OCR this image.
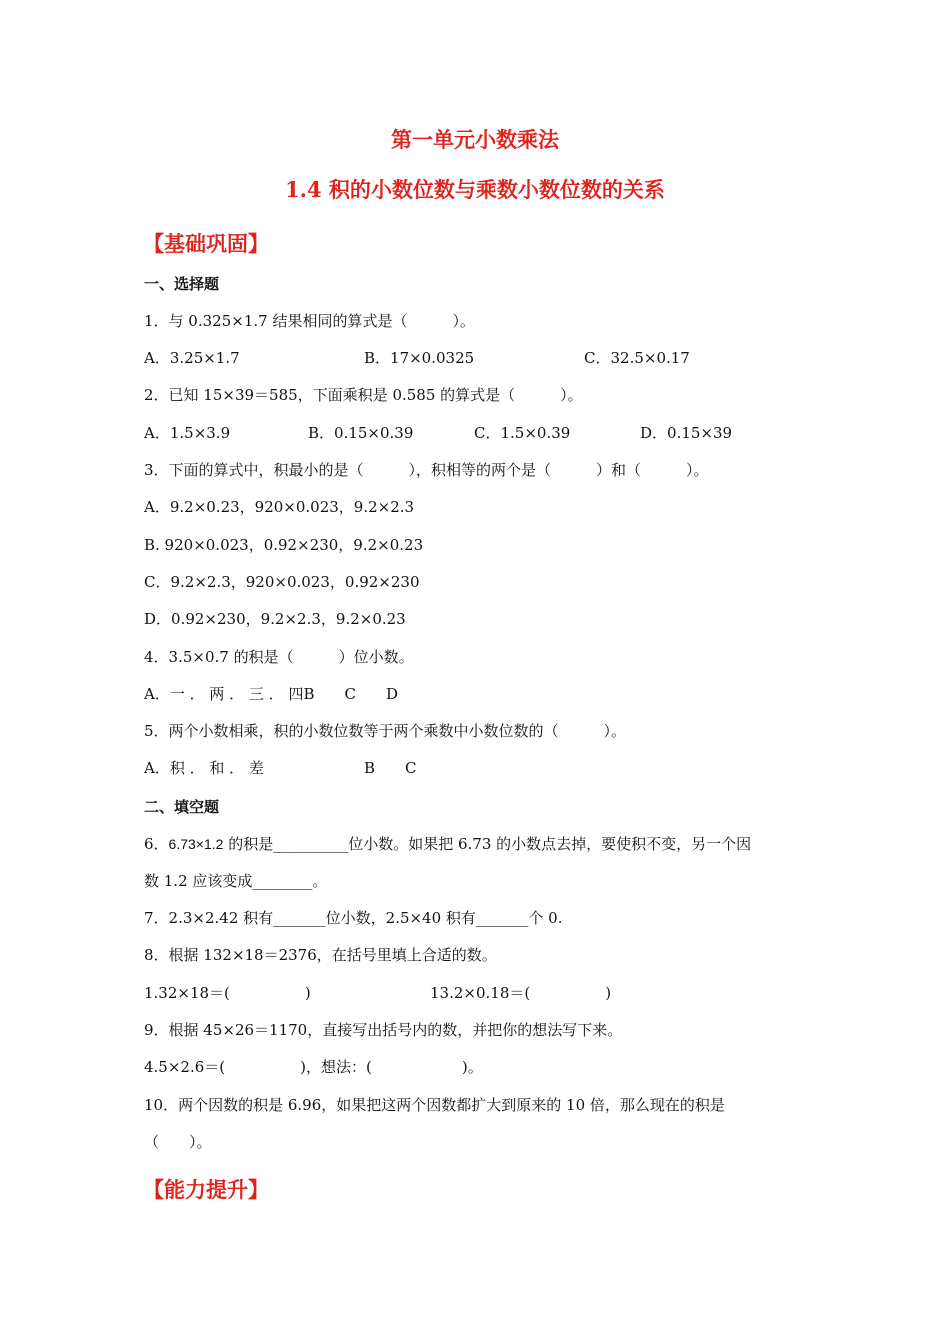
第一单元小数乘法
1.4 积的小数位数与乘数小数位数的关系
【基础巩固】
一、选择题
1．与 0.325×1.7 结果相同的算式是（　　　）。
A．3.25×1.7	B．17×0.0325	C．32.5×0.17
2．已知 15×39＝585，下面乘积是 0.585 的算式是（　　　）。
A．1.5×3.9	B．0.15×0.39	C．1.5×0.39	D．0.15×39
3．下面的算式中，积最小的是（　　　），积相等的两个是（　　　）和（　　　）。
A．9.2×0.23，920×0.023，9.2×2.3
B. 920×0.023，0.92×230，9.2×0.23
C．9.2×2.3，920×0.023，0.92×230
D．0.92×230，9.2×2.3，9.2×0.23
4．3.5×0.7 的积是（　　　）位小数。
A．一 ． 两 ． 三 ． 四B　　C　　D
5．两个小数相乘，积的小数位数等于两个乘数中小数位数的（　　　）。
A．积 ． 和 ． 差	B　　C
二、填空题
6．6.73×1.2 的积是__________位小数。如果把 6.73 的小数点去掉，要使积不变，另一个因
数 1.2 应该变成________。
7．2.3×2.42 积有_______位小数，2.5×40 积有_______个 0.
8．根据 132×18＝2376，在括号里填上合适的数。
1.32×18＝(　　　　　)	13.2×0.18＝(　　　　　)
9．根据 45×26＝1170，直接写出括号内的数，并把你的想法写下来。
4.5×2.6＝(　　　　　)，想法：(　　　　　　)。
10．两个因数的积是 6.96，如果把这两个因数都扩大到原来的 10 倍，那么现在的积是
（　　）。
【能力提升】
